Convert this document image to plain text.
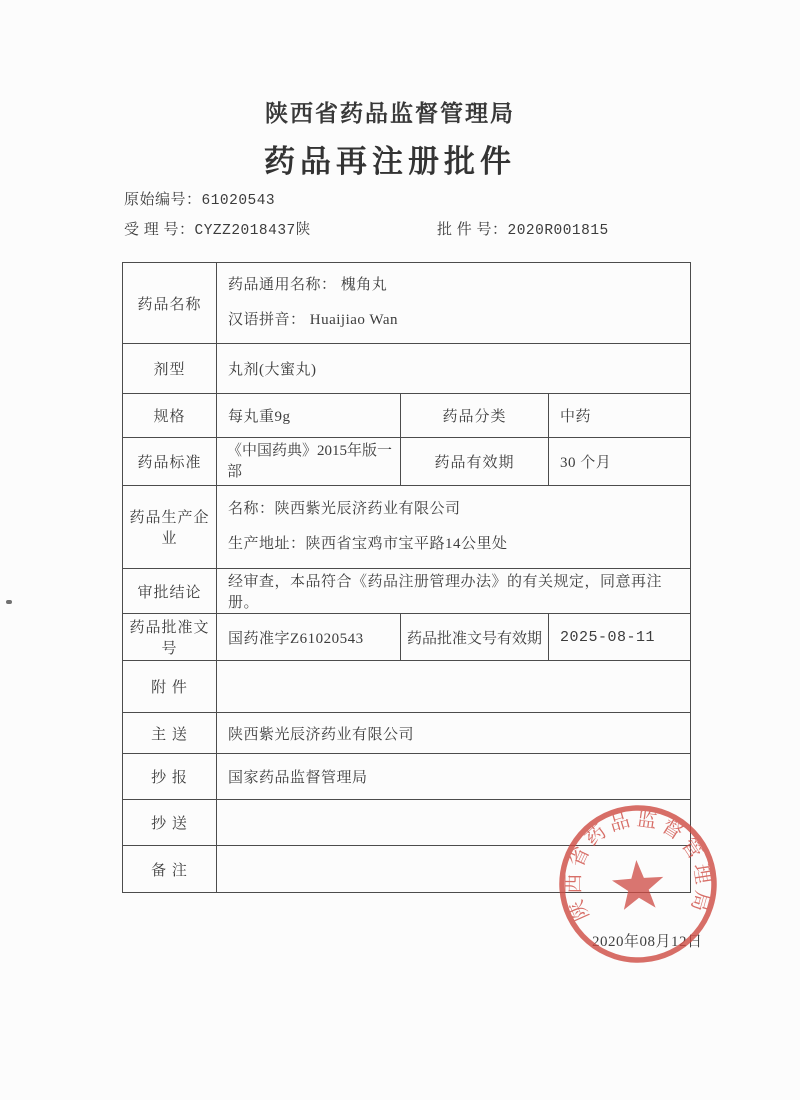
陕西省药品监督管理局
药品再注册批件
原始编号：61020543
受 理 号：CYZZ2018437陕	批 件 号：2020R001815
药品名称	药品通用名称： 槐角丸
汉语拼音： Huaijiao Wan		

剂型	丸剂(大蜜丸)		
规格	每丸重9g	药品分类	中药
药品标准	《中国药典》2015年版一部	药品有效期	30 个月
药品生产企业	名称：陕西紫光辰济药业有限公司
生产地址：陕西省宝鸡市宝平路14公里处		

审批结论	经审查，本品符合《药品注册管理办法》的有关规定，同意再注册。		
药品批准文号	国药准字Z61020543	药品批准文号有效期	2025-08-11
附 件			
主 送	陕西紫光辰济药业有限公司		
抄 报	国家药品监督管理局		
抄 送			
备 注			
2020年08月12日
陕西省药品监督管理局
